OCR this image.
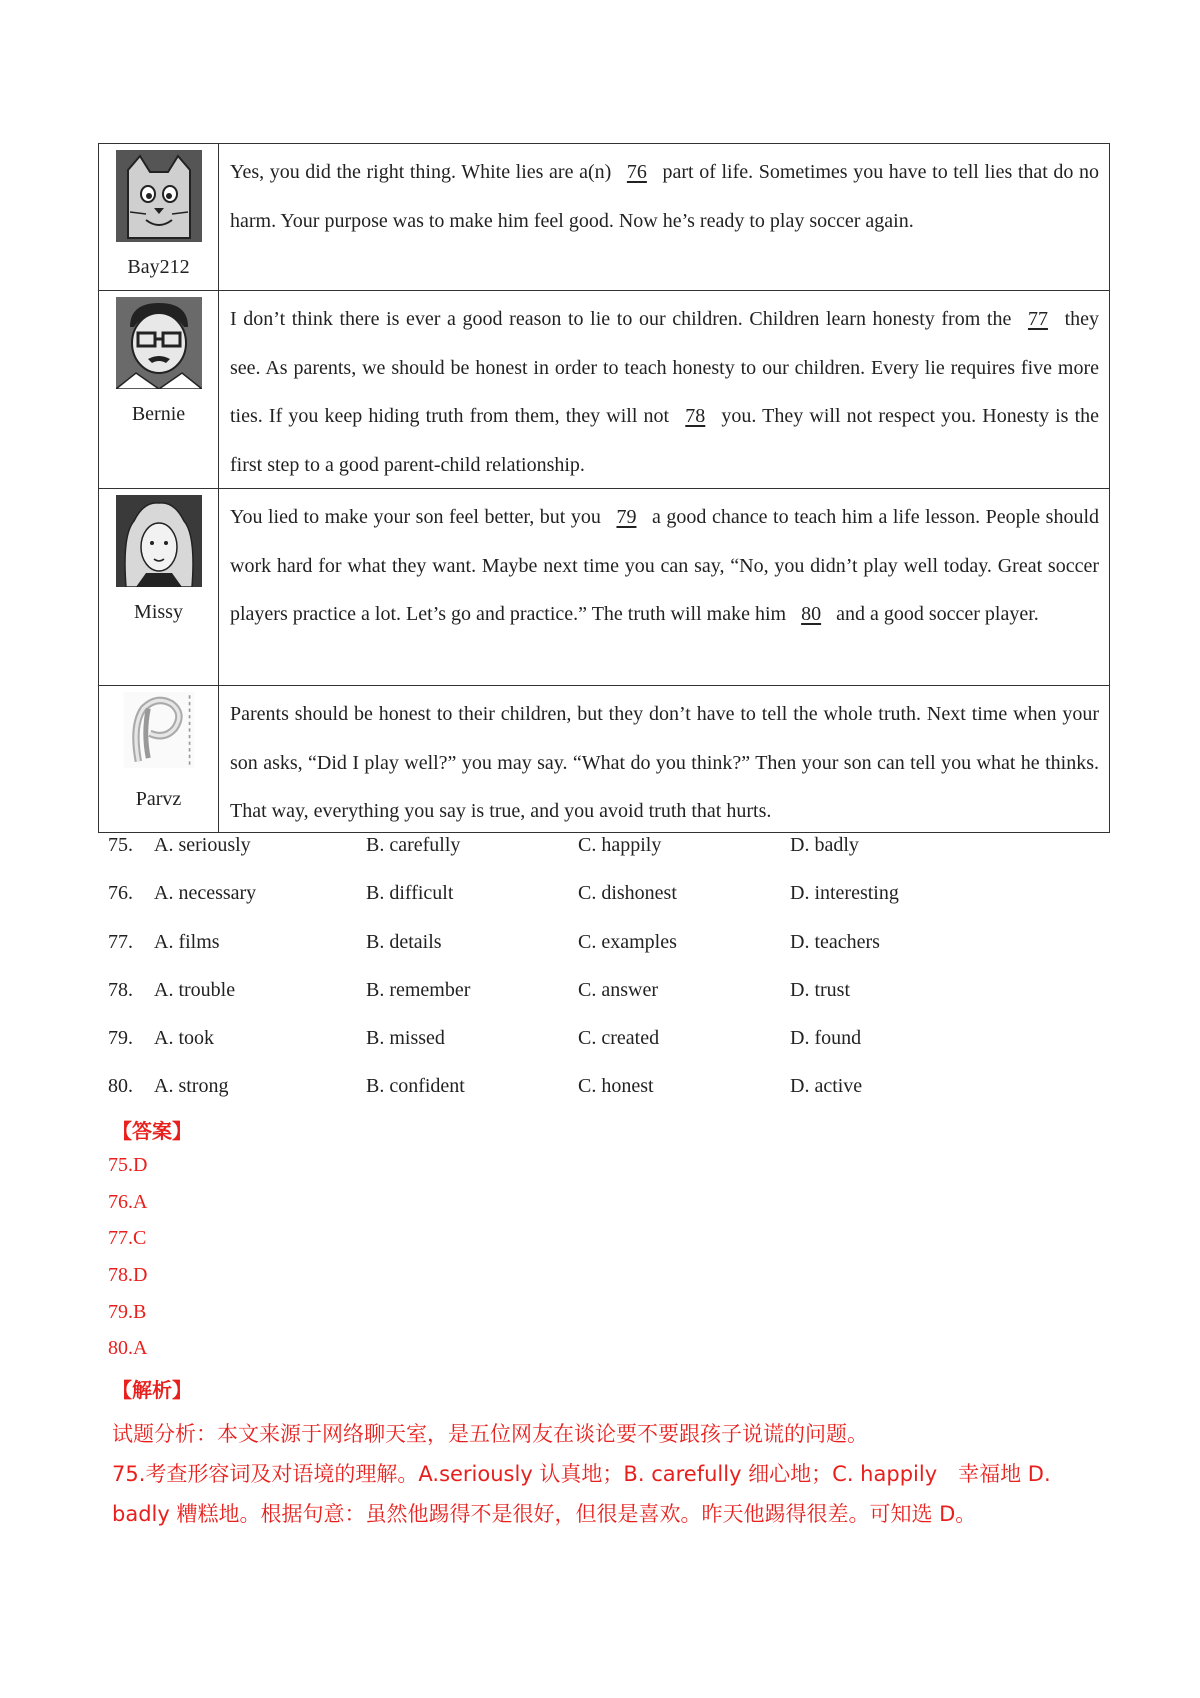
Bay212
Yes, you did the right thing. White lies are a(n) 76 part of life. Sometimes you have to tell lies that do no harm. Your purpose was to make him feel good. Now he’s ready to play soccer again.
Bernie
I don’t think there is ever a good reason to lie to our children. Children learn honesty from the 77 they see. As parents, we should be honest in order to teach honesty to our children. Every lie requires five more ties. If you keep hiding truth from them, they will not 78 you. They will not respect you. Honesty is the first step to a good parent-child relationship.
Missy
You lied to make your son feel better, but you 79 a good chance to teach him a life lesson. People should work hard for what they want. Maybe next time you can say, “No, you didn’t play well today. Great soccer players practice a lot. Let’s go and practice.” The truth will make him 80 and a good soccer player.
Parvz
Parents should be honest to their children, but they don’t have to tell the whole truth. Next time when your son asks, “Did I play well?” you may say. “What do you think?” Then your son can tell you what he thinks. That way, everything you say is true, and you avoid truth that hurts.
75.	A. seriously	B. carefully	C. happily	D. badly
76.	A. necessary	B. difficult	C. dishonest	D. interesting
77.	A. films	B. details	C. examples	D. teachers
78.	A. trouble	B. remember	C. answer	D. trust
79.	A. took	B. missed	C. created	D. found
80.	A. strong	B. confident	C. honest	D. active
【答案】
75.D
76.A
77.C
78.D
79.B
80.A
【解析】

试题分析：本文来源于网络聊天室，是五位网友在谈论要不要跟孩子说谎的问题。

75.考查形容词及对语境的理解。A.seriously 认真地；B. carefully 细心地；C. happily　幸福地 D. badly 糟糕地。根据句意：虽然他踢得不是很好，但很是喜欢。昨天他踢得很差。可知选 D。
